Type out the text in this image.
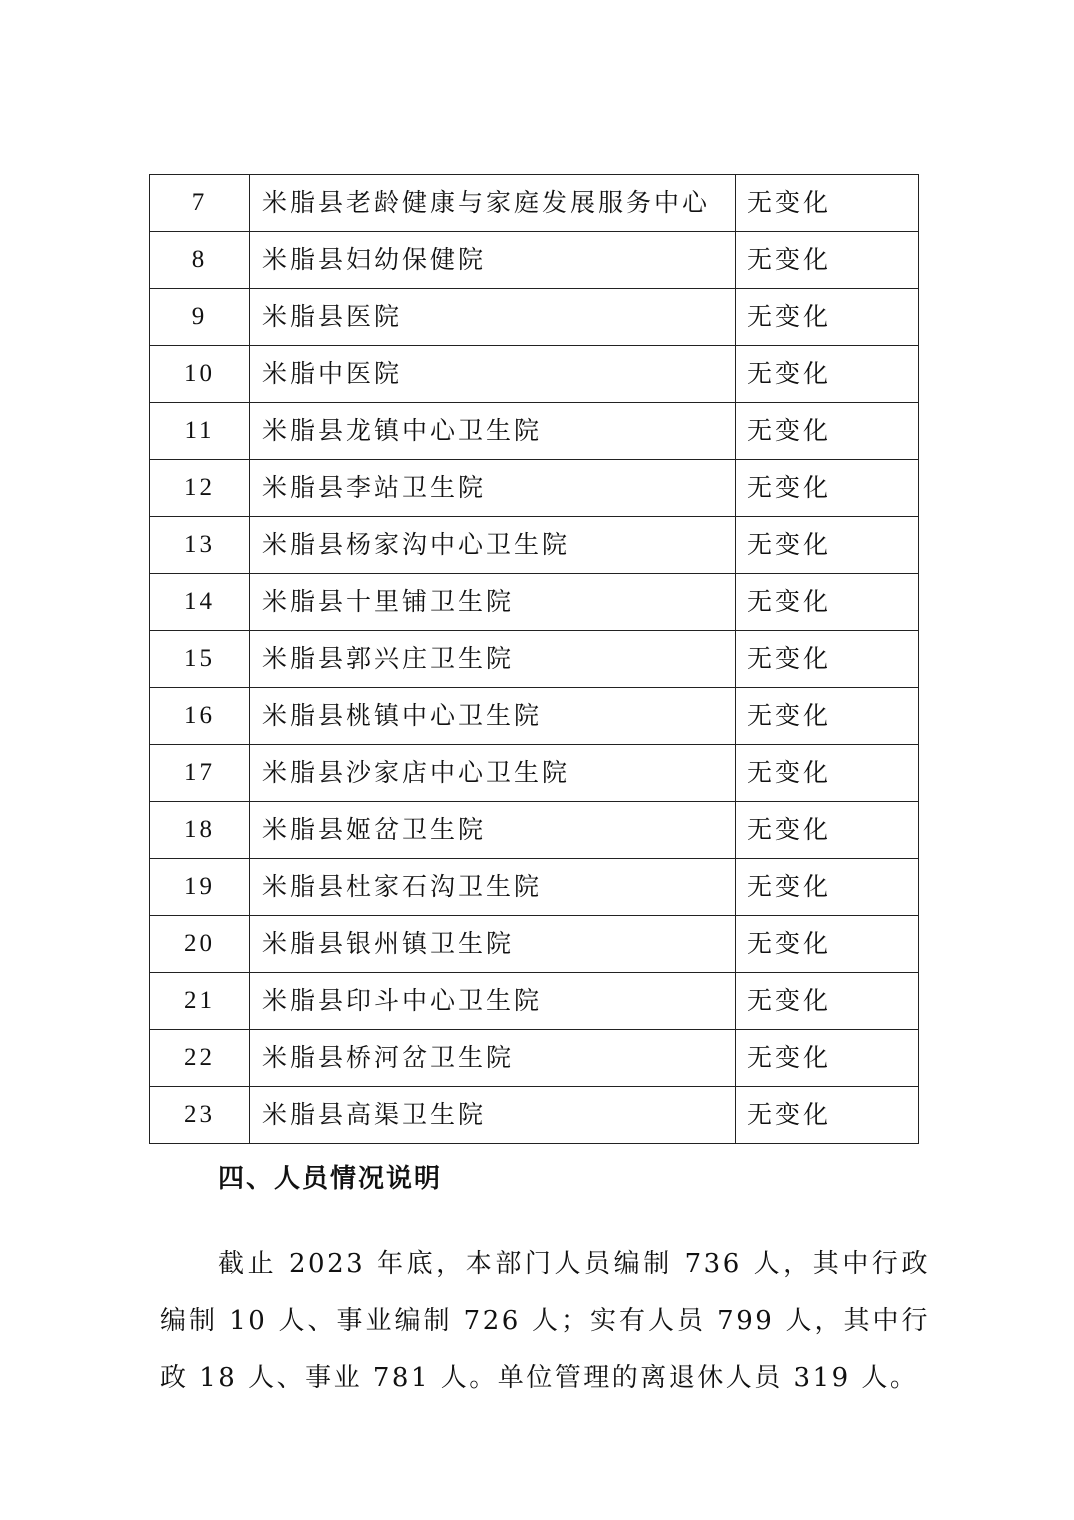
7	米脂县老龄健康与家庭发展服务中心	无变化
8	米脂县妇幼保健院	无变化
9	米脂县医院	无变化
10	米脂中医院	无变化
11	米脂县龙镇中心卫生院	无变化
12	米脂县李站卫生院	无变化
13	米脂县杨家沟中心卫生院	无变化
14	米脂县十里铺卫生院	无变化
15	米脂县郭兴庄卫生院	无变化
16	米脂县桃镇中心卫生院	无变化
17	米脂县沙家店中心卫生院	无变化
18	米脂县姬岔卫生院	无变化
19	米脂县杜家石沟卫生院	无变化
20	米脂县银州镇卫生院	无变化
21	米脂县印斗中心卫生院	无变化
22	米脂县桥河岔卫生院	无变化
23	米脂县高渠卫生院	无变化
四、人员情况说明

截止 2023 年底，本部门人员编制 736 人，其中行政编制 10 人、事业编制 726 人；实有人员 799 人，其中行政 18 人、事业 781 人。单位管理的离退休人员 319 人。
